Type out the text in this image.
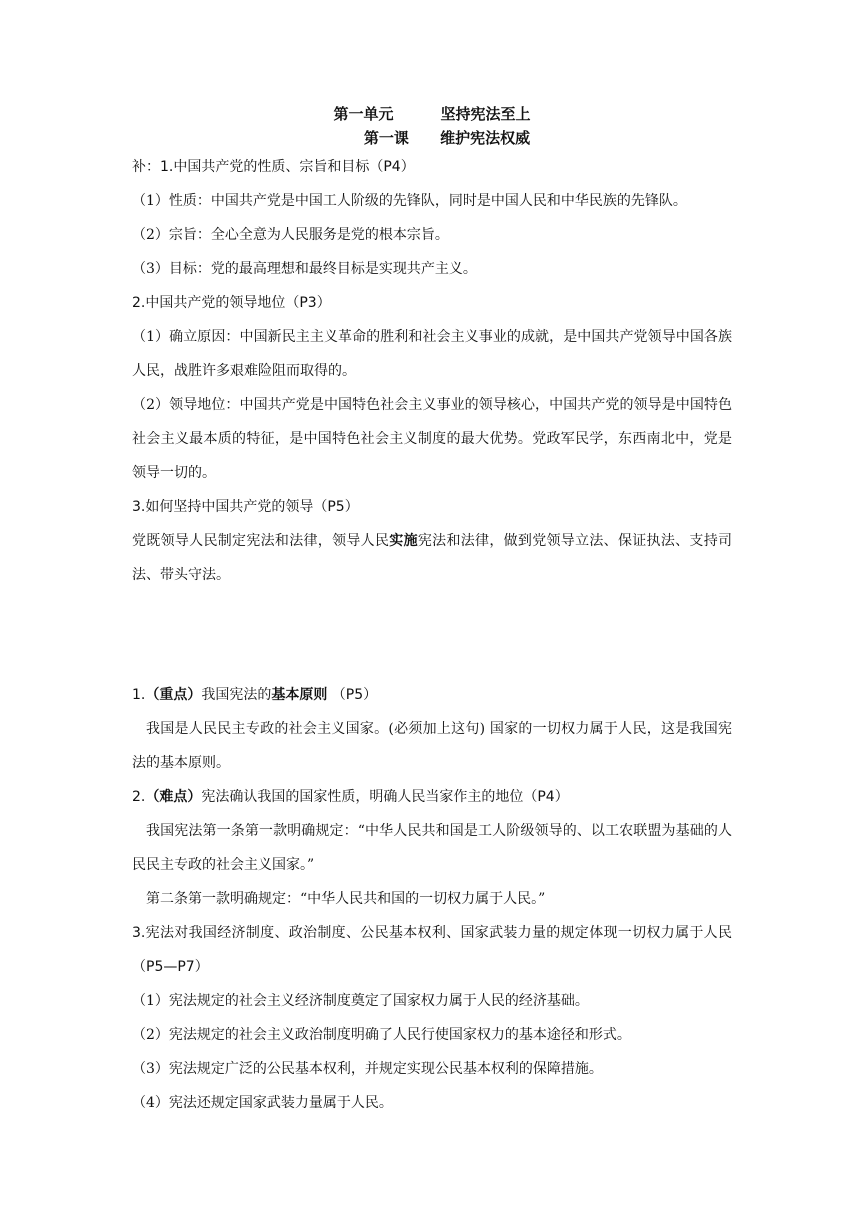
第一单元         坚持宪法至上
第一课      维护宪法权威

补：1.中国共产党的性质、宗旨和目标（P4）

（1）性质：中国共产党是中国工人阶级的先锋队，同时是中国人民和中华民族的先锋队。

（2）宗旨：全心全意为人民服务是党的根本宗旨。

（3）目标：党的最高理想和最终目标是实现共产主义。

2.中国共产党的领导地位（P3）

（1）确立原因：中国新民主主义革命的胜利和社会主义事业的成就，是中国共产党领导中国各族人民，战胜许多艰难险阻而取得的。

（2）领导地位：中国共产党是中国特色社会主义事业的领导核心，中国共产党的领导是中国特色社会主义最本质的特征，是中国特色社会主义制度的最大优势。党政军民学，东西南北中，党是领导一切的。

3.如何坚持中国共产党的领导（P5）

党既领导人民制定宪法和法律，领导人民实施宪法和法律，做到党领导立法、保证执法、支持司法、带头守法。

1.（重点）我国宪法的基本原则 （P5）

我国是人民民主专政的社会主义国家。(必须加上这句) 国家的一切权力属于人民，这是我国宪法的基本原则。

2.（难点）宪法确认我国的国家性质，明确人民当家作主的地位（P4）

我国宪法第一条第一款明确规定：“中华人民共和国是工人阶级领导的、以工农联盟为基础的人民民主专政的社会主义国家。”

第二条第一款明确规定：“中华人民共和国的一切权力属于人民。”

3.宪法对我国经济制度、政治制度、公民基本权利、国家武装力量的规定体现一切权力属于人民（P5—P7）

（1）宪法规定的社会主义经济制度奠定了国家权力属于人民的经济基础。

（2）宪法规定的社会主义政治制度明确了人民行使国家权力的基本途径和形式。

（3）宪法规定广泛的公民基本权利，并规定实现公民基本权利的保障措施。

（4）宪法还规定国家武装力量属于人民。
